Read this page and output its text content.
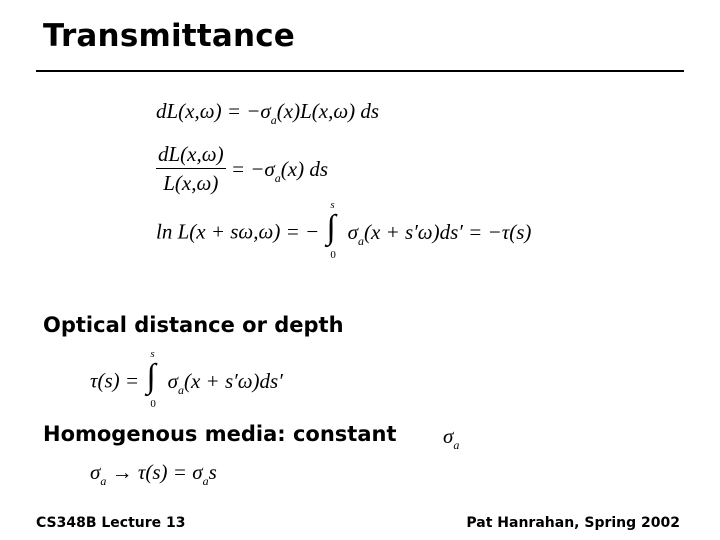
Transmittance
$dL(x,\omega) = -\sigma_a(x)L(x,\omega)$ ds
$\frac{dL(x,\omega)}{L(x,\omega)} = -\sigma_a(x)$ ds
ln L(x + sω,ω) = − ∫
s
0
$\sigma_a(x + s'\omega)ds' = -\tau(s)$
Optical distance or depth
τ(s) = ∫
s
0
$\sigma_a(x + s'\omega)ds'$
Homogenous media: constant $\sigma_a$
$\sigma_a \to \tau(s) = \sigma_as$
CS348B Lecture 13	Pat Hanrahan, Spring 2002
